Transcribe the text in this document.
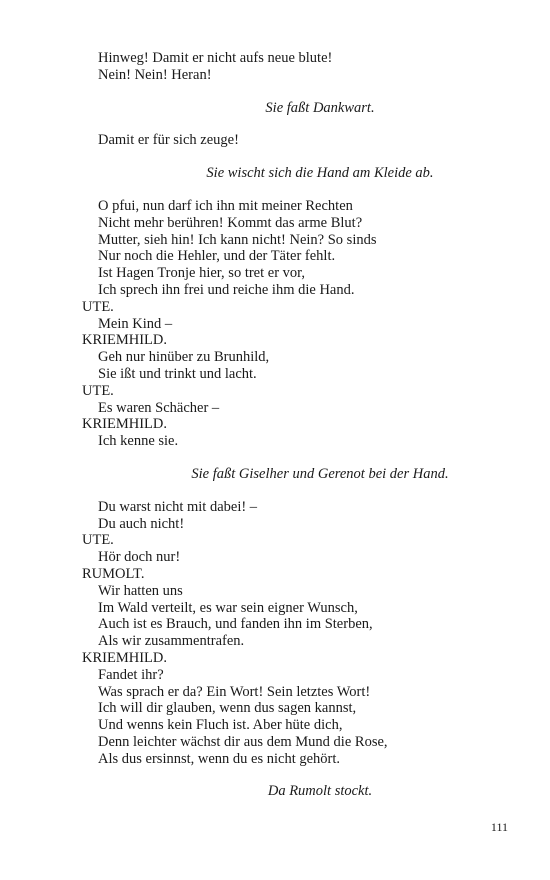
Hinweg! Damit er nicht aufs neue blute!
Nein! Nein! Heran!
Sie faßt Dankwart.
Damit er für sich zeuge!
Sie wischt sich die Hand am Kleide ab.
O pfui, nun darf ich ihn mit meiner Rechten
Nicht mehr berühren! Kommt das arme Blut?
Mutter, sieh hin! Ich kann nicht! Nein? So sinds
Nur noch die Hehler, und der Täter fehlt.
Ist Hagen Tronje hier, so tret er vor,
Ich sprech ihn frei und reiche ihm die Hand.
UTE.
Mein Kind –
KRIEMHILD.
Geh nur hinüber zu Brunhild,
Sie ißt und trinkt und lacht.
UTE.
Es waren Schächer –
KRIEMHILD.
Ich kenne sie.
Sie faßt Giselher und Gerenot bei der Hand.
Du warst nicht mit dabei! –
Du auch nicht!
UTE.
Hör doch nur!
RUMOLT.
Wir hatten uns
Im Wald verteilt, es war sein eigner Wunsch,
Auch ist es Brauch, und fanden ihn im Sterben,
Als wir zusammentrafen.
KRIEMHILD.
Fandet ihr?
Was sprach er da? Ein Wort! Sein letztes Wort!
Ich will dir glauben, wenn dus sagen kannst,
Und wenns kein Fluch ist. Aber hüte dich,
Denn leichter wächst dir aus dem Mund die Rose,
Als dus ersinnst, wenn du es nicht gehört.
Da Rumolt stockt.
111
